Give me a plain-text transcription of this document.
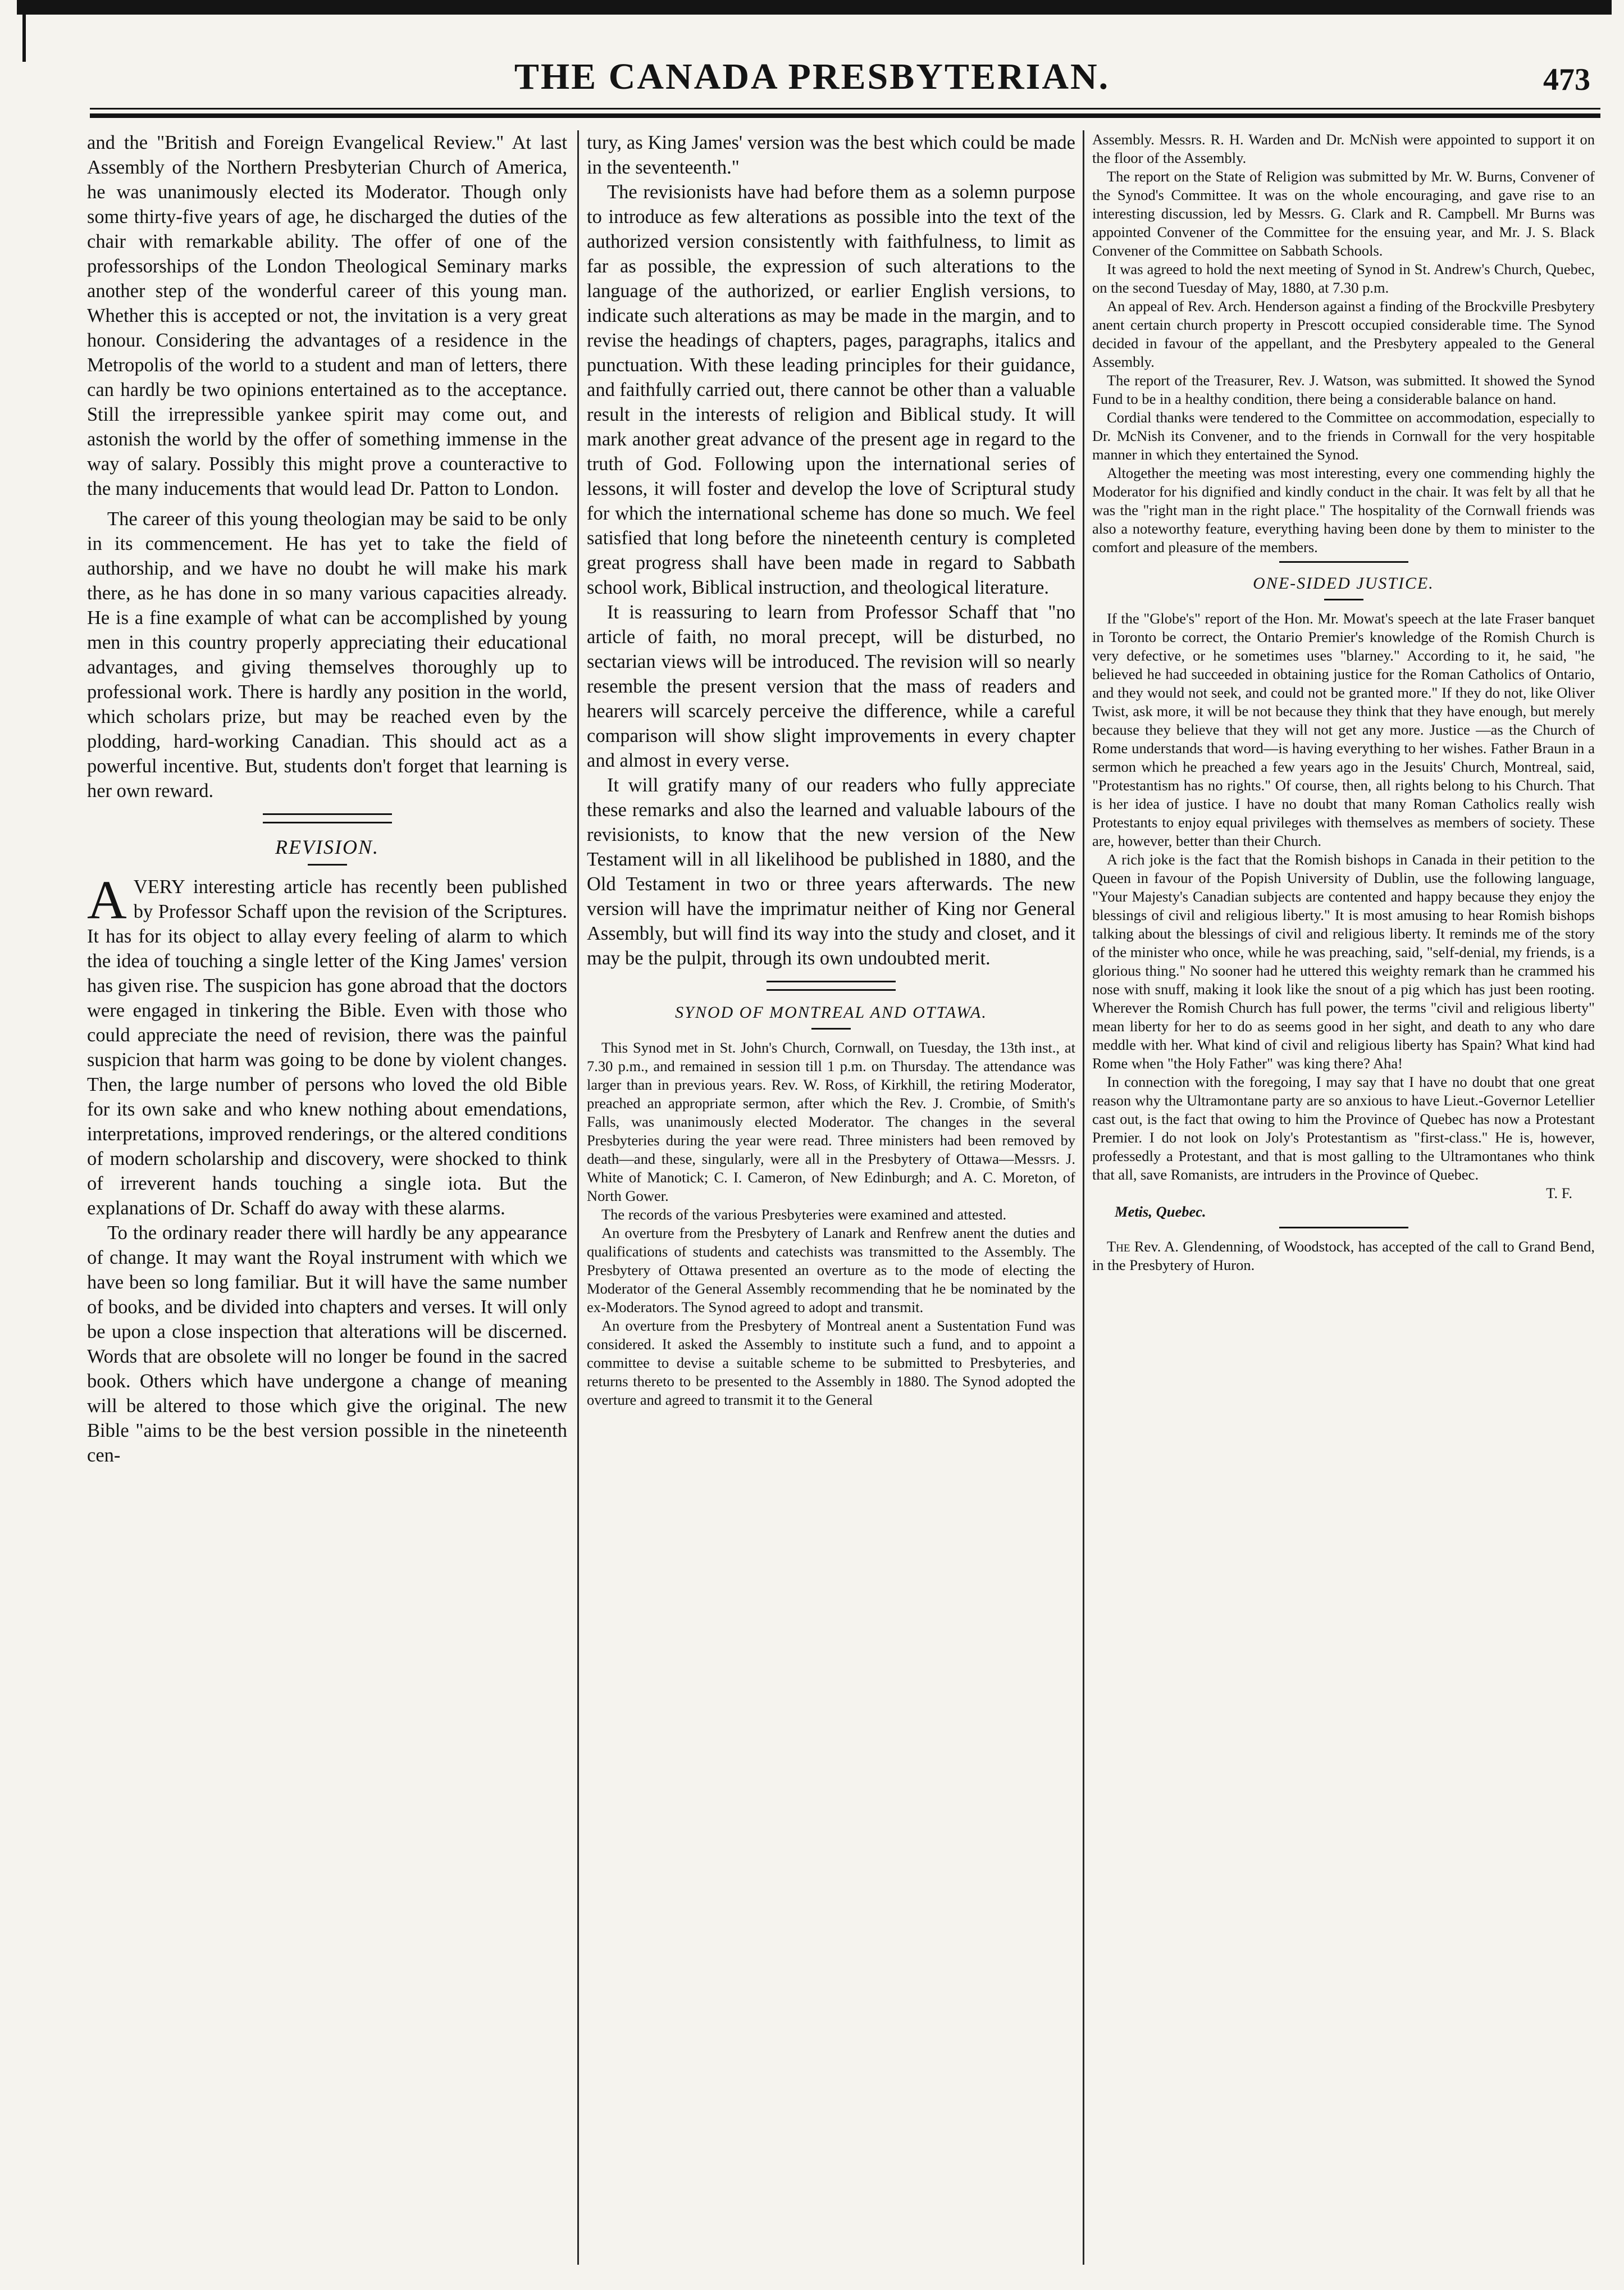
THE CANADA PRESBYTERIAN.	473

and the "British and Foreign Evangelical Review." At last Assembly of the Northern Presbyterian Church of America, he was unanimously elected its Moderator. Though only some thirty-five years of age, he discharged the duties of the chair with remarkable ability. The offer of one of the professorships of the London Theological Seminary marks another step of the wonderful career of this young man. Whether this is accepted or not, the invitation is a very great honour. Considering the advantages of a residence in the Metropolis of the world to a student and man of letters, there can hardly be two opinions entertained as to the acceptance. Still the irrepressible yankee spirit may come out, and astonish the world by the offer of something immense in the way of salary. Possibly this might prove a counteractive to the many inducements that would lead Dr. Patton to London.

The career of this young theologian may be said to be only in its commencement. He has yet to take the field of authorship, and we have no doubt he will make his mark there, as he has done in so many various capacities already. He is a fine example of what can be accomplished by young men in this country properly appreciating their educational advantages, and giving themselves thoroughly up to professional work. There is hardly any position in the world, which scholars prize, but may be reached even by the plodding, hard-working Canadian. This should act as a powerful incentive. But, students don't forget that learning is her own reward.

REVISION.

AVERY interesting article has recently been published by Professor Schaff upon the revision of the Scriptures. It has for its object to allay every feeling of alarm to which the idea of touching a single letter of the King James' version has given rise. The suspicion has gone abroad that the doctors were engaged in tinkering the Bible. Even with those who could appreciate the need of revision, there was the painful suspicion that harm was going to be done by violent changes. Then, the large number of persons who loved the old Bible for its own sake and who knew nothing about emendations, interpretations, improved renderings, or the altered conditions of modern scholarship and discovery, were shocked to think of irreverent hands touching a single iota. But the explanations of Dr. Schaff do away with these alarms.

To the ordinary reader there will hardly be any appearance of change. It may want the Royal instrument with which we have been so long familiar. But it will have the same number of books, and be divided into chapters and verses. It will only be upon a close inspection that alterations will be discerned. Words that are obsolete will no longer be found in the sacred book. Others which have undergone a change of meaning will be altered to those which give the original. The new Bible "aims to be the best version possible in the nineteenth cen-

tury, as King James' version was the best which could be made in the seventeenth."

The revisionists have had before them as a solemn purpose to introduce as few alterations as possible into the text of the authorized version consistently with faithfulness, to limit as far as possible, the expression of such alterations to the language of the authorized, or earlier English versions, to indicate such alterations as may be made in the margin, and to revise the headings of chapters, pages, paragraphs, italics and punctuation. With these leading principles for their guidance, and faithfully carried out, there cannot be other than a valuable result in the interests of religion and Biblical study. It will mark another great advance of the present age in regard to the truth of God. Following upon the international series of lessons, it will foster and develop the love of Scriptural study for which the international scheme has done so much. We feel satisfied that long before the nineteenth century is completed great progress shall have been made in regard to Sabbath school work, Biblical instruction, and theological literature.

It is reassuring to learn from Professor Schaff that "no article of faith, no moral precept, will be disturbed, no sectarian views will be introduced. The revision will so nearly resemble the present version that the mass of readers and hearers will scarcely perceive the difference, while a careful comparison will show slight improvements in every chapter and almost in every verse.

It will gratify many of our readers who fully appreciate these remarks and also the learned and valuable labours of the revisionists, to know that the new version of the New Testament will in all likelihood be published in 1880, and the Old Testament in two or three years afterwards. The new version will have the imprimatur neither of King nor General Assembly, but will find its way into the study and closet, and it may be the pulpit, through its own undoubted merit.

SYNOD OF MONTREAL AND OTTAWA.

This Synod met in St. John's Church, Cornwall, on Tuesday, the 13th inst., at 7.30 p.m., and remained in session till 1 p.m. on Thursday. The attendance was larger than in previous years. Rev. W. Ross, of Kirkhill, the retiring Moderator, preached an appropriate sermon, after which the Rev. J. Crombie, of Smith's Falls, was unanimously elected Moderator. The changes in the several Presbyteries during the year were read. Three ministers had been removed by death—and these, singularly, were all in the Presbytery of Ottawa—Messrs. J. White of Manotick; C. I. Cameron, of New Edinburgh; and A. C. Moreton, of North Gower.

The records of the various Presbyteries were examined and attested.

An overture from the Presbytery of Lanark and Renfrew anent the duties and qualifications of students and catechists was transmitted to the Assembly. The Presbytery of Ottawa presented an overture as to the mode of electing the Moderator of the General Assembly recommending that he be nominated by the ex-Moderators. The Synod agreed to adopt and transmit.

An overture from the Presbytery of Montreal anent a Sustentation Fund was considered. It asked the Assembly to institute such a fund, and to appoint a committee to devise a suitable scheme to be submitted to Presbyteries, and returns thereto to be presented to the Assembly in 1880. The Synod adopted the overture and agreed to transmit it to the General

Assembly. Messrs. R. H. Warden and Dr. McNish were appointed to support it on the floor of the Assembly.

The report on the State of Religion was submitted by Mr. W. Burns, Convener of the Synod's Committee. It was on the whole encouraging, and gave rise to an interesting discussion, led by Messrs. G. Clark and R. Campbell. Mr Burns was appointed Convener of the Committee for the ensuing year, and Mr. J. S. Black Convener of the Committee on Sabbath Schools.

It was agreed to hold the next meeting of Synod in St. Andrew's Church, Quebec, on the second Tuesday of May, 1880, at 7.30 p.m.

An appeal of Rev. Arch. Henderson against a finding of the Brockville Presbytery anent certain church property in Prescott occupied considerable time. The Synod decided in favour of the appellant, and the Presbytery appealed to the General Assembly.

The report of the Treasurer, Rev. J. Watson, was submitted. It showed the Synod Fund to be in a healthy condition, there being a considerable balance on hand.

Cordial thanks were tendered to the Committee on accommodation, especially to Dr. McNish its Convener, and to the friends in Cornwall for the very hospitable manner in which they entertained the Synod.

Altogether the meeting was most interesting, every one commending highly the Moderator for his dignified and kindly conduct in the chair. It was felt by all that he was the "right man in the right place." The hospitality of the Cornwall friends was also a noteworthy feature, everything having been done by them to minister to the comfort and pleasure of the members.

ONE-SIDED JUSTICE.

If the "Globe's" report of the Hon. Mr. Mowat's speech at the late Fraser banquet in Toronto be correct, the Ontario Premier's knowledge of the Romish Church is very defective, or he sometimes uses "blarney." According to it, he said, "he believed he had succeeded in obtaining justice for the Roman Catholics of Ontario, and they would not seek, and could not be granted more." If they do not, like Oliver Twist, ask more, it will be not because they think that they have enough, but merely because they believe that they will not get any more. Justice —as the Church of Rome understands that word—is having everything to her wishes. Father Braun in a sermon which he preached a few years ago in the Jesuits' Church, Montreal, said, "Protestantism has no rights." Of course, then, all rights belong to his Church. That is her idea of justice. I have no doubt that many Roman Catholics really wish Protestants to enjoy equal privileges with themselves as members of society. These are, however, better than their Church.

A rich joke is the fact that the Romish bishops in Canada in their petition to the Queen in favour of the Popish University of Dublin, use the following language, "Your Majesty's Canadian subjects are contented and happy because they enjoy the blessings of civil and religious liberty." It is most amusing to hear Romish bishops talking about the blessings of civil and religious liberty. It reminds me of the story of the minister who once, while he was preaching, said, "self-denial, my friends, is a glorious thing." No sooner had he uttered this weighty remark than he crammed his nose with snuff, making it look like the snout of a pig which has just been rooting. Wherever the Romish Church has full power, the terms "civil and religious liberty" mean liberty for her to do as seems good in her sight, and death to any who dare meddle with her. What kind of civil and religious liberty has Spain? What kind had Rome when "the Holy Father" was king there? Aha!

In connection with the foregoing, I may say that I have no doubt that one great reason why the Ultramontane party are so anxious to have Lieut.-Governor Letellier cast out, is the fact that owing to him the Province of Quebec has now a Protestant Premier. I do not look on Joly's Protestantism as "first-class." He is, however, professedly a Protestant, and that is most galling to the Ultramontanes who think that all, save Romanists, are intruders in the Province of Quebec.

T. F.

Metis, Quebec.

The Rev. A. Glendenning, of Woodstock, has accepted of the call to Grand Bend, in the Presbytery of Huron.
